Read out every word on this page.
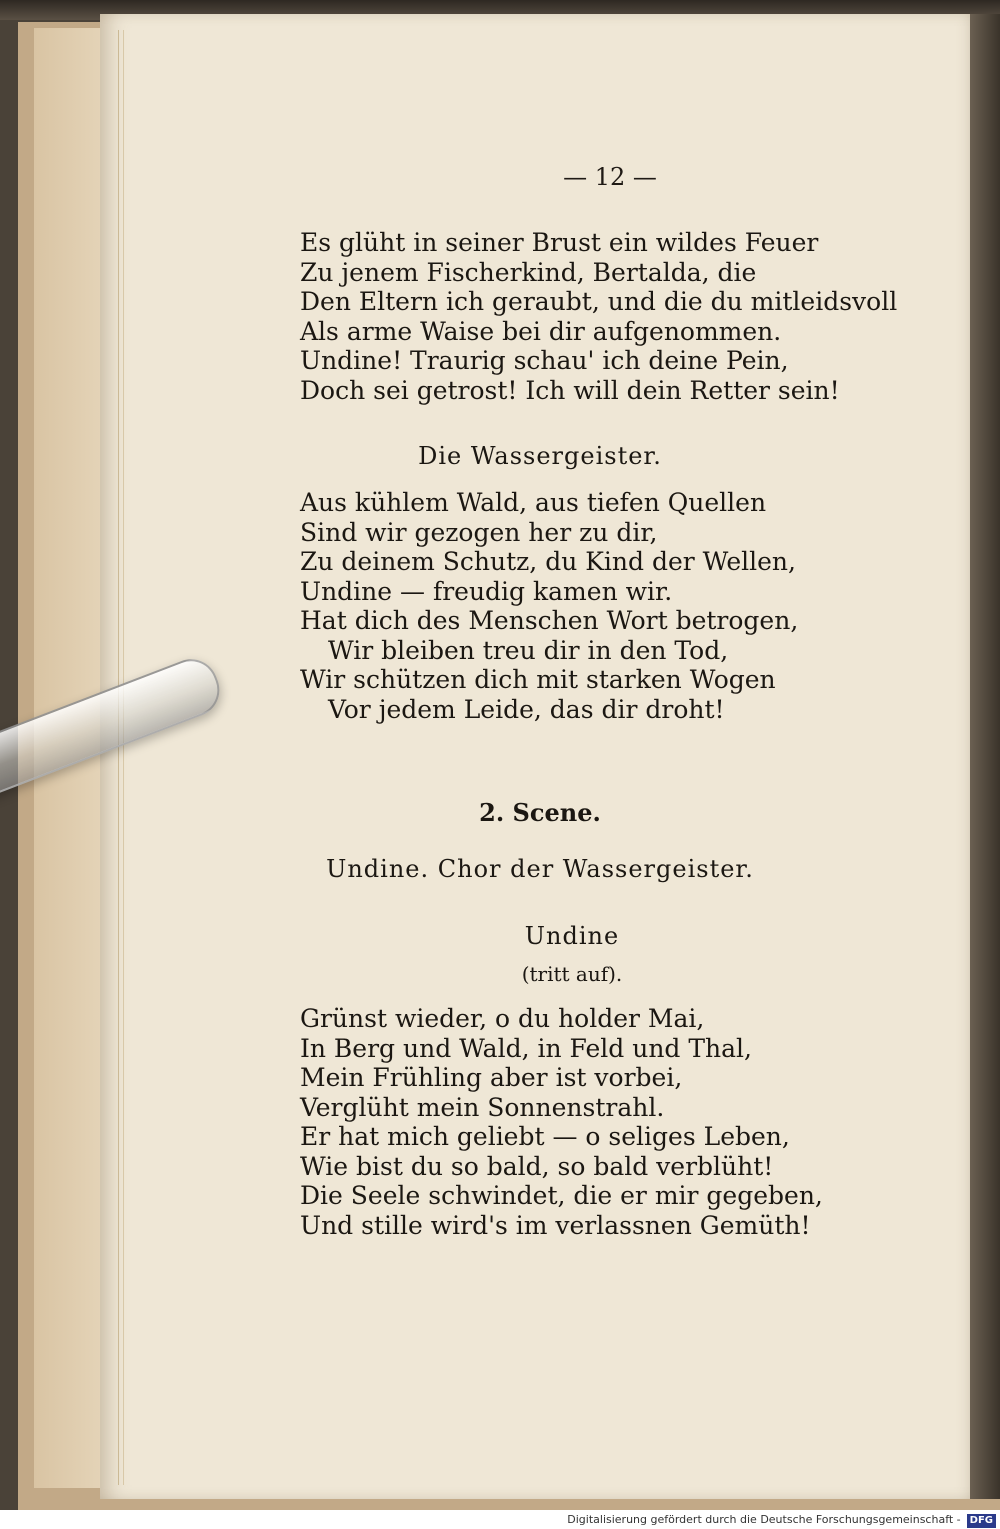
— 12 —
Es glüht in seiner Brust ein wildes Feuer
Zu jenem Fischerkind, Bertalda, die
Den Eltern ich geraubt, und die du mitleidsvoll
Als arme Waise bei dir aufgenommen.
Undine! Traurig schau' ich deine Pein,
Doch sei getrost! Ich will dein Retter sein!
Die Wassergeister.
Aus kühlem Wald, aus tiefen Quellen
Sind wir gezogen her zu dir,
Zu deinem Schutz, du Kind der Wellen,
Undine — freudig kamen wir.
Hat dich des Menschen Wort betrogen,
Wir bleiben treu dir in den Tod,
Wir schützen dich mit starken Wogen
Vor jedem Leide, das dir droht!
2. Scene.
Undine. Chor der Wassergeister.
Undine
(tritt auf).
Grünst wieder, o du holder Mai,
In Berg und Wald, in Feld und Thal,
Mein Frühling aber ist vorbei,
Verglüht mein Sonnenstrahl.
Er hat mich geliebt — o seliges Leben,
Wie bist du so bald, so bald verblüht!
Die Seele schwindet, die er mir gegeben,
Und stille wird's im verlassnen Gemüth!
Digitalisierung gefördert durch die Deutsche Forschungsgemeinschaft - DFG
